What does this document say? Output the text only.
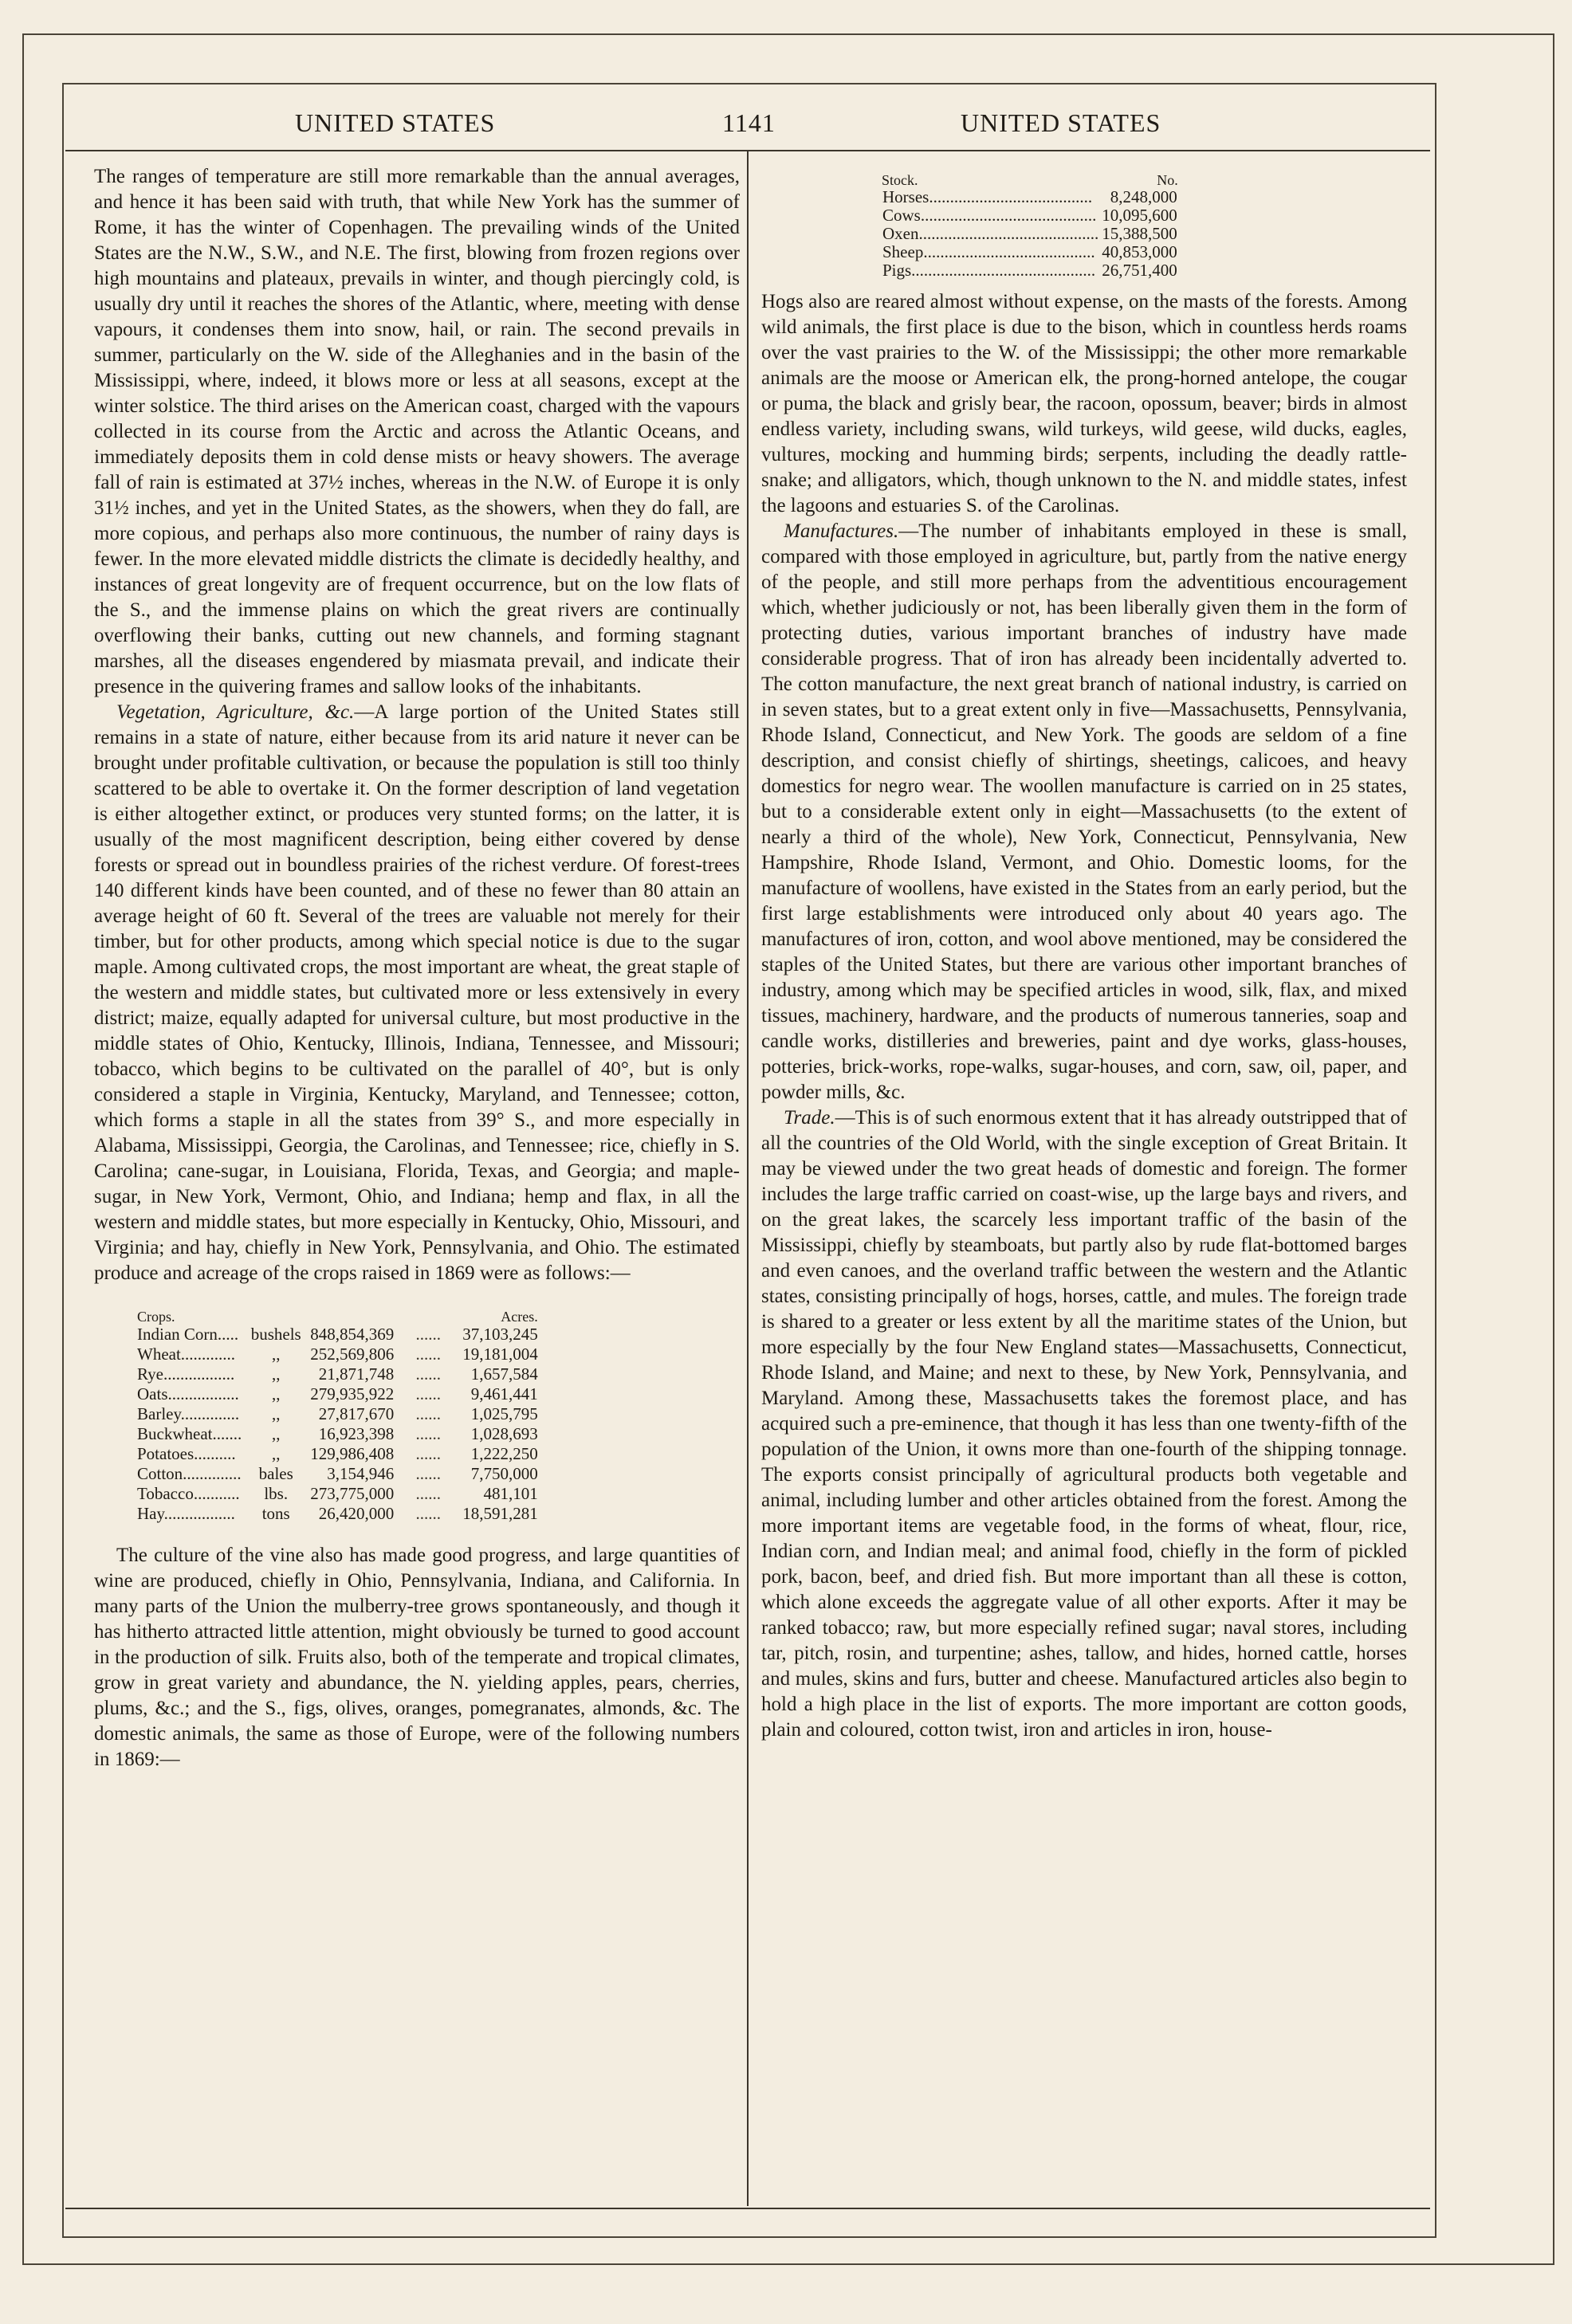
UNITED STATES	1141	UNITED STATES

The ranges of temperature are still more remarkable than the annual averages, and hence it has been said with truth, that while New York has the summer of Rome, it has the winter of Copenhagen. The prevailing winds of the United States are the N.W., S.W., and N.E. The first, blowing from frozen regions over high mountains and plateaux, prevails in winter, and though piercingly cold, is usually dry until it reaches the shores of the Atlantic, where, meeting with dense vapours, it condenses them into snow, hail, or rain. The second prevails in summer, particularly on the W. side of the Alleghanies and in the basin of the Mississippi, where, indeed, it blows more or less at all seasons, except at the winter solstice. The third arises on the American coast, charged with the vapours collected in its course from the Arctic and across the Atlantic Oceans, and immediately deposits them in cold dense mists or heavy showers. The average fall of rain is estimated at 37½ inches, whereas in the N.W. of Europe it is only 31½ inches, and yet in the United States, as the showers, when they do fall, are more copious, and perhaps also more continuous, the number of rainy days is fewer. In the more elevated middle districts the climate is decidedly healthy, and instances of great longevity are of frequent occurrence, but on the low flats of the S., and the immense plains on which the great rivers are continually overflowing their banks, cutting out new channels, and forming stagnant marshes, all the diseases engendered by miasmata prevail, and indicate their presence in the quivering frames and sallow looks of the inhabitants.

Vegetation, Agriculture, &c.—A large portion of the United States still remains in a state of nature, either because from its arid nature it never can be brought under profitable cultivation, or because the population is still too thinly scattered to be able to overtake it. On the former description of land vegetation is either altogether extinct, or produces very stunted forms; on the latter, it is usually of the most magnificent description, being either covered by dense forests or spread out in boundless prairies of the richest verdure. Of forest-trees 140 different kinds have been counted, and of these no fewer than 80 attain an average height of 60 ft. Several of the trees are valuable not merely for their timber, but for other products, among which special notice is due to the sugar maple. Among cultivated crops, the most important are wheat, the great staple of the western and middle states, but cultivated more or less extensively in every district; maize, equally adapted for universal culture, but most productive in the middle states of Ohio, Kentucky, Illinois, Indiana, Tennessee, and Missouri; tobacco, which begins to be cultivated on the parallel of 40°, but is only considered a staple in Virginia, Kentucky, Maryland, and Tennessee; cotton, which forms a staple in all the states from 39° S., and more especially in Alabama, Mississippi, Georgia, the Carolinas, and Tennessee; rice, chiefly in S. Carolina; cane-sugar, in Louisiana, Florida, Texas, and Georgia; and maple-sugar, in New York, Vermont, Ohio, and Indiana; hemp and flax, in all the western and middle states, but more especially in Kentucky, Ohio, Missouri, and Virginia; and hay, chiefly in New York, Pennsylvania, and Ohio. The estimated produce and acreage of the crops raised in 1869 were as follows:—

Crops.				Acres.
Indian Corn.....	bushels	848,854,369	......	37,103,245
Wheat.............	,,	252,569,806	......	19,181,004
Rye.................	,,	21,871,748	......	1,657,584
Oats.................	,,	279,935,922	......	9,461,441
Barley..............	,,	27,817,670	......	1,025,795
Buckwheat.......	,,	16,923,398	......	1,028,693
Potatoes..........	,,	129,986,408	......	1,222,250
Cotton..............	bales	3,154,946	......	7,750,000
Tobacco...........	lbs.	273,775,000	......	481,101
Hay.................	tons	26,420,000	......	18,591,281

The culture of the vine also has made good progress, and large quantities of wine are produced, chiefly in Ohio, Pennsylvania, Indiana, and California. In many parts of the Union the mulberry-tree grows spontaneously, and though it has hitherto attracted little attention, might obviously be turned to good account in the production of silk. Fruits also, both of the temperate and tropical climates, grow in great variety and abundance, the N. yielding apples, pears, cherries, plums, &c.; and the S., figs, olives, oranges, pomegranates, almonds, &c. The domestic animals, the same as those of Europe, were of the following numbers in 1869:—

Stock.	No.
Horses.......................................	8,248,000
Cows..........................................	10,095,600
Oxen...........................................	15,388,500
Sheep.........................................	40,853,000
Pigs............................................	26,751,400

Hogs also are reared almost without expense, on the masts of the forests. Among wild animals, the first place is due to the bison, which in countless herds roams over the vast prairies to the W. of the Mississippi; the other more remarkable animals are the moose or American elk, the prong-horned antelope, the cougar or puma, the black and grisly bear, the racoon, opossum, beaver; birds in almost endless variety, including swans, wild turkeys, wild geese, wild ducks, eagles, vultures, mocking and humming birds; serpents, including the deadly rattle-snake; and alligators, which, though unknown to the N. and middle states, infest the lagoons and estuaries S. of the Carolinas.

Manufactures.—The number of inhabitants employed in these is small, compared with those employed in agriculture, but, partly from the native energy of the people, and still more perhaps from the adventitious encouragement which, whether judiciously or not, has been liberally given them in the form of protecting duties, various important branches of industry have made considerable progress. That of iron has already been incidentally adverted to. The cotton manufacture, the next great branch of national industry, is carried on in seven states, but to a great extent only in five—Massachusetts, Pennsylvania, Rhode Island, Connecticut, and New York. The goods are seldom of a fine description, and consist chiefly of shirtings, sheetings, calicoes, and heavy domestics for negro wear. The woollen manufacture is carried on in 25 states, but to a considerable extent only in eight—Massachusetts (to the extent of nearly a third of the whole), New York, Connecticut, Pennsylvania, New Hampshire, Rhode Island, Vermont, and Ohio. Domestic looms, for the manufacture of woollens, have existed in the States from an early period, but the first large establishments were introduced only about 40 years ago. The manufactures of iron, cotton, and wool above mentioned, may be considered the staples of the United States, but there are various other important branches of industry, among which may be specified articles in wood, silk, flax, and mixed tissues, machinery, hardware, and the products of numerous tanneries, soap and candle works, distilleries and breweries, paint and dye works, glass-houses, potteries, brick-works, rope-walks, sugar-houses, and corn, saw, oil, paper, and powder mills, &c.

Trade.—This is of such enormous extent that it has already outstripped that of all the countries of the Old World, with the single exception of Great Britain. It may be viewed under the two great heads of domestic and foreign. The former includes the large traffic carried on coast-wise, up the large bays and rivers, and on the great lakes, the scarcely less important traffic of the basin of the Mississippi, chiefly by steamboats, but partly also by rude flat-bottomed barges and even canoes, and the overland traffic between the western and the Atlantic states, consisting principally of hogs, horses, cattle, and mules. The foreign trade is shared to a greater or less extent by all the maritime states of the Union, but more especially by the four New England states—Massachusetts, Connecticut, Rhode Island, and Maine; and next to these, by New York, Pennsylvania, and Maryland. Among these, Massachusetts takes the foremost place, and has acquired such a pre-eminence, that though it has less than one twenty-fifth of the population of the Union, it owns more than one-fourth of the shipping tonnage. The exports consist principally of agricultural products both vegetable and animal, including lumber and other articles obtained from the forest. Among the more important items are vegetable food, in the forms of wheat, flour, rice, Indian corn, and Indian meal; and animal food, chiefly in the form of pickled pork, bacon, beef, and dried fish. But more important than all these is cotton, which alone exceeds the aggregate value of all other exports. After it may be ranked tobacco; raw, but more especially refined sugar; naval stores, including tar, pitch, rosin, and turpentine; ashes, tallow, and hides, horned cattle, horses and mules, skins and furs, butter and cheese. Manufactured articles also begin to hold a high place in the list of exports. The more important are cotton goods, plain and coloured, cotton twist, iron and articles in iron, house-
